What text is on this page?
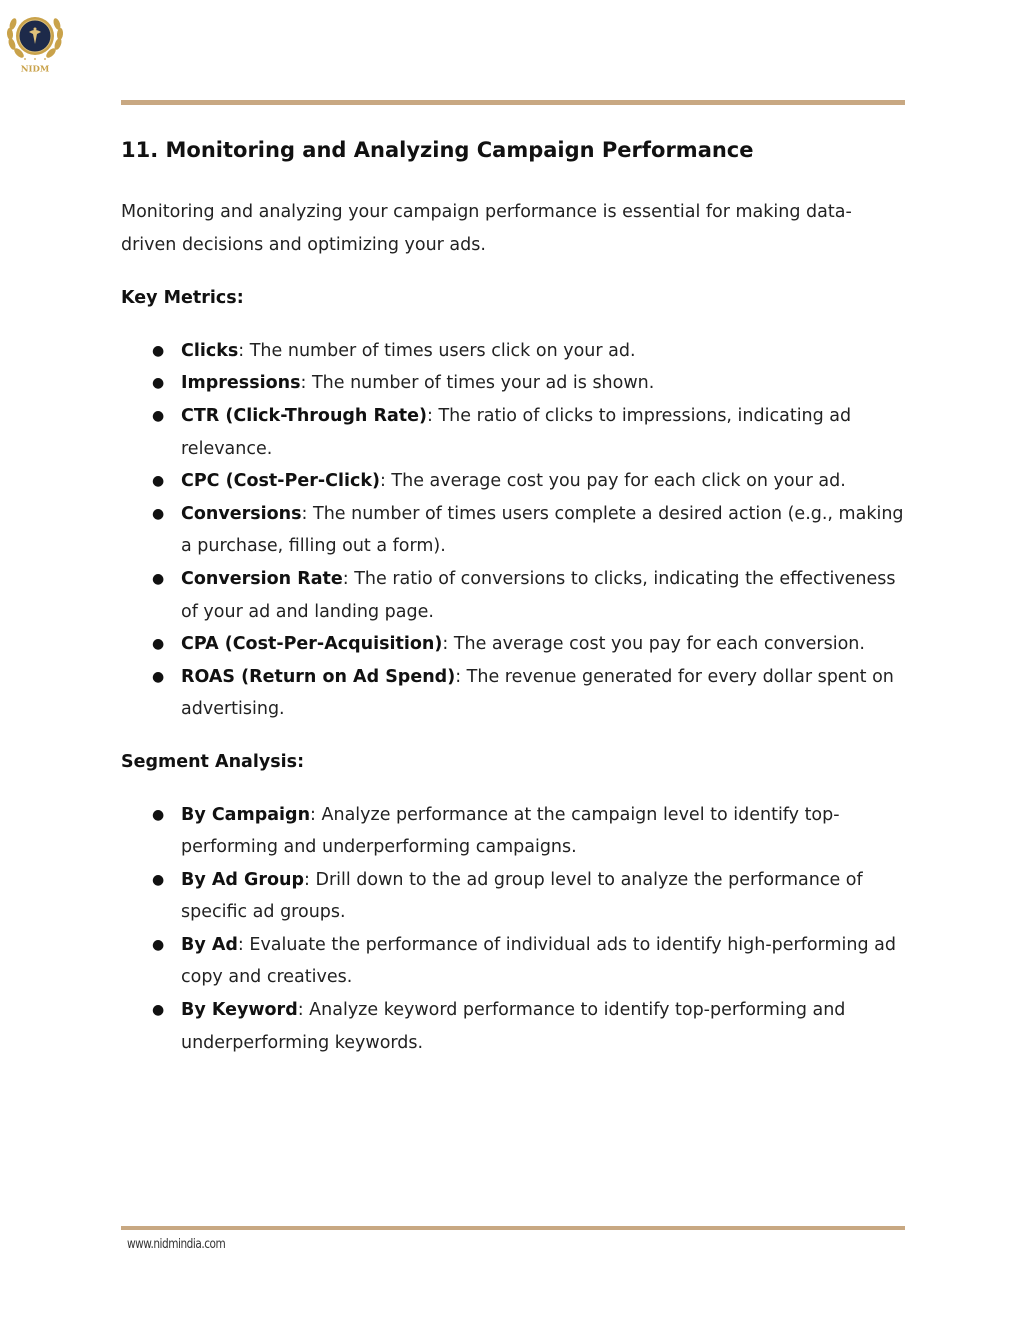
NIDM
11. Monitoring and Analyzing Campaign Performance

Monitoring and analyzing your campaign performance is essential for making data-driven decisions and optimizing your ads.

Key Metrics:

● Clicks: The number of times users click on your ad.
● Impressions: The number of times your ad is shown.
● CTR (Click-Through Rate): The ratio of clicks to impressions, indicating ad relevance.
● CPC (Cost-Per-Click): The average cost you pay for each click on your ad.
● Conversions: The number of times users complete a desired action (e.g., making a purchase, filling out a form).
● Conversion Rate: The ratio of conversions to clicks, indicating the effectiveness of your ad and landing page.
● CPA (Cost-Per-Acquisition): The average cost you pay for each conversion.
● ROAS (Return on Ad Spend): The revenue generated for every dollar spent on advertising.

Segment Analysis:

● By Campaign: Analyze performance at the campaign level to identify top-performing and underperforming campaigns.
● By Ad Group: Drill down to the ad group level to analyze the performance of specific ad groups.
● By Ad: Evaluate the performance of individual ads to identify high-performing ad copy and creatives.
● By Keyword: Analyze keyword performance to identify top-performing and underperforming keywords.
www.nidmindia.com
